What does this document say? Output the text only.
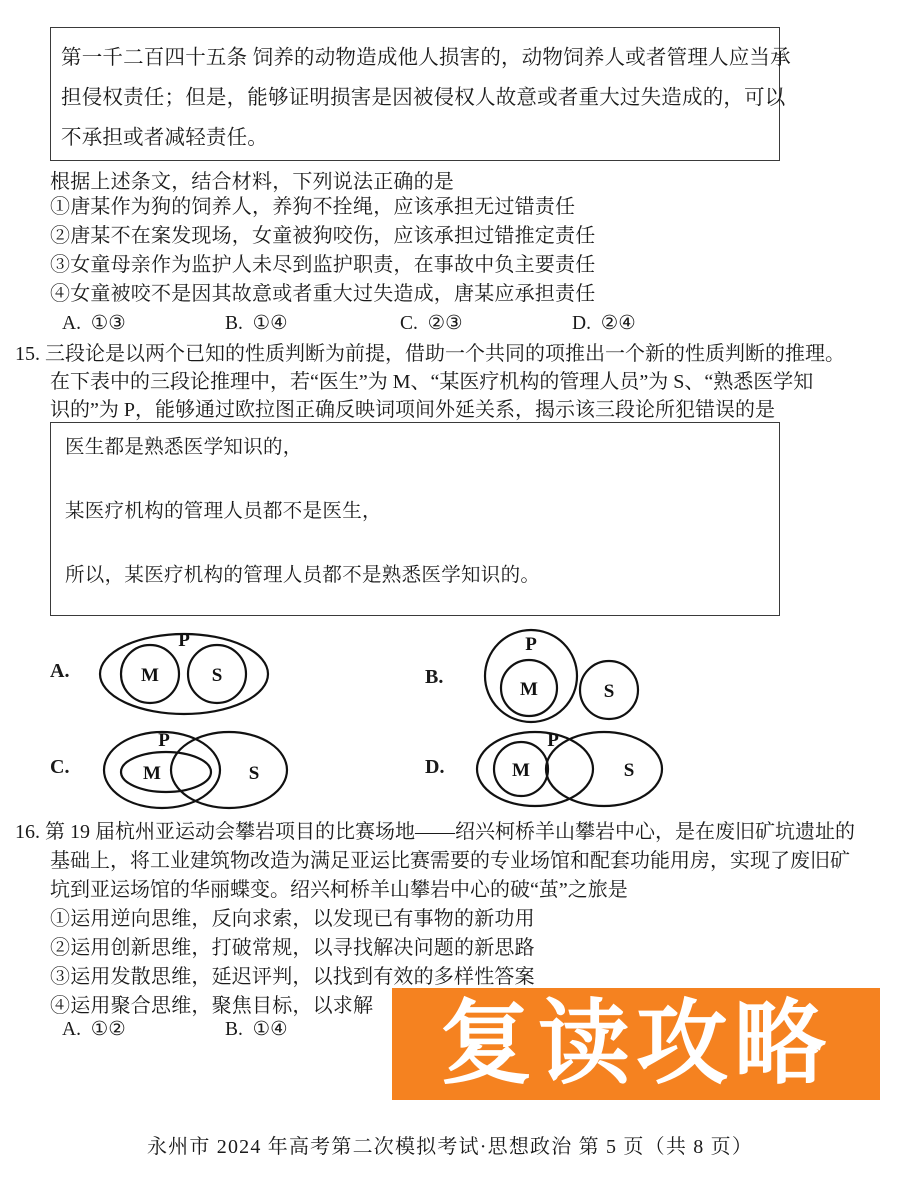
第一千二百四十五条 饲养的动物造成他人损害的，动物饲养人或者管理人应当承
担侵权责任；但是，能够证明损害是因被侵权人故意或者重大过失造成的，可以
不承担或者减轻责任。
根据上述条文，结合材料，下列说法正确的是
①唐某作为狗的饲养人，养狗不拴绳，应该承担无过错责任
②唐某不在案发现场，女童被狗咬伤，应该承担过错推定责任
③女童母亲作为监护人未尽到监护职责，在事故中负主要责任
④女童被咬不是因其故意或者重大过失造成，唐某应承担责任
A. ①③	B. ①④	C. ②③	D. ②④
15. 三段论是以两个已知的性质判断为前提，借助一个共同的项推出一个新的性质判断的推理。
在下表中的三段论推理中，若“医生”为 M、“某医疗机构的管理人员”为 S、“熟悉医学知
识的”为 P，能够通过欧拉图正确反映词项间外延关系，揭示该三段论所犯错误的是
医生都是熟悉医学知识的，
某医疗机构的管理人员都不是医生，
所以，某医疗机构的管理人员都不是熟悉医学知识的。
A.
P
M	S	B.
P
M	S
C.
P
M	S	D.
P
M	S
16. 第 19 届杭州亚运动会攀岩项目的比赛场地——绍兴柯桥羊山攀岩中心，是在废旧矿坑遗址的
基础上，将工业建筑物改造为满足亚运比赛需要的专业场馆和配套功能用房，实现了废旧矿
坑到亚运场馆的华丽蝶变。绍兴柯桥羊山攀岩中心的破“茧”之旅是
①运用逆向思维，反向求索，以发现已有事物的新功用
②运用创新思维，打破常规，以寻找解决问题的新思路
③运用发散思维，延迟评判，以找到有效的多样性答案
④运用聚合思维，聚焦目标，以求解
A. ①②	B. ①④ 复读攻略
永州市 2024 年高考第二次模拟考试·思想政治 第 5 页（共 8 页）
